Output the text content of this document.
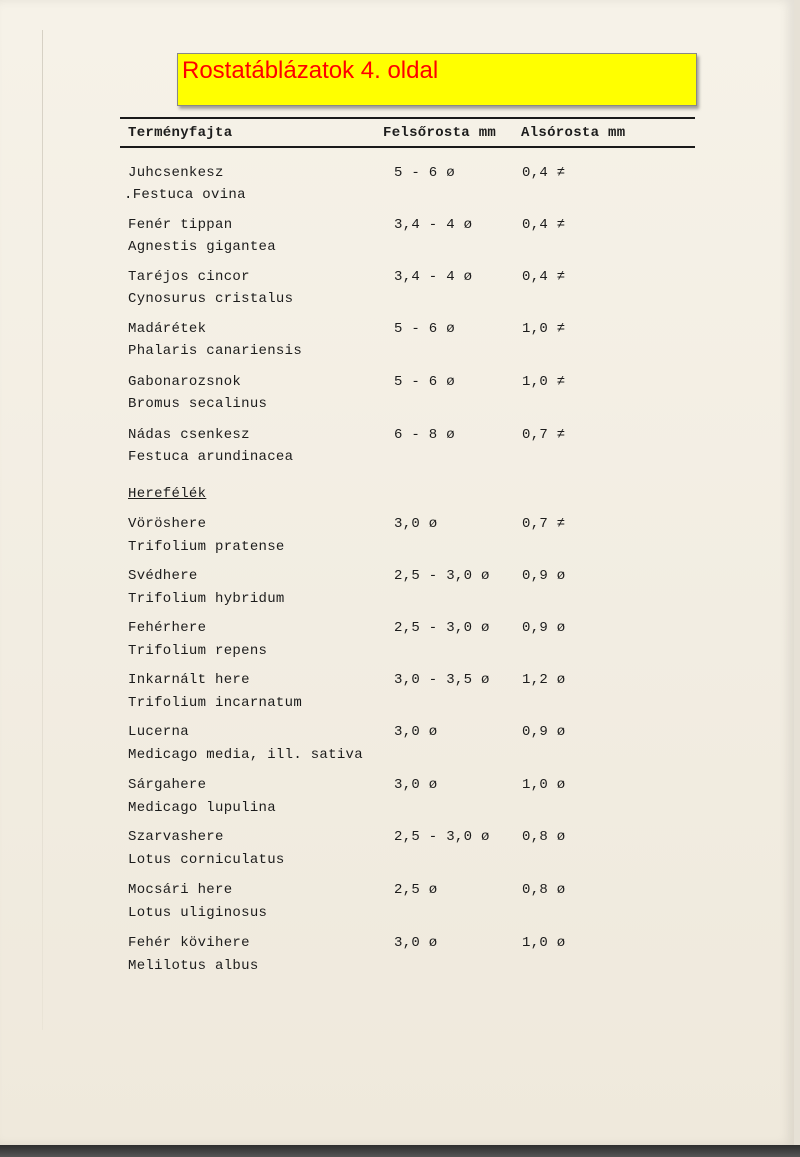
Rostatáblázatok 4. oldal
Terményfajta	Felsőrosta mm Alsórosta mm
Juhcsenkesz
.Festuca ovina
5 - 6 ø	0,4 ≠
Fenér tippan
Agnestis gigantea
3,4 - 4 ø	0,4 ≠
Taréjos cincor
Cynosurus cristalus
3,4 - 4 ø	0,4 ≠
Madárétek
Phalaris canariensis
5 - 6 ø	1,0 ≠
Gabonarozsnok
Bromus secalinus
5 - 6 ø	1,0 ≠
Nádas csenkesz
Festuca arundinacea
6 - 8 ø	0,7 ≠
Herefélék
Vöröshere
Trifolium pratense
3,0 ø	0,7 ≠
Svédhere
Trifolium hybridum
2,5 - 3,0 ø 0,9 ø
Fehérhere
Trifolium repens
2,5 - 3,0 ø 0,9 ø
Inkarnált here
Trifolium incarnatum
3,0 - 3,5 ø 1,2 ø
Lucerna
Medicago media, ill. sativa
3,0 ø	0,9 ø
Sárgahere
Medicago lupulina
3,0 ø	1,0 ø
Szarvashere
Lotus corniculatus
2,5 - 3,0 ø 0,8 ø
Mocsári here
Lotus uliginosus
2,5 ø	0,8 ø
Fehér kövihere
Melilotus albus
3,0 ø	1,0 ø
